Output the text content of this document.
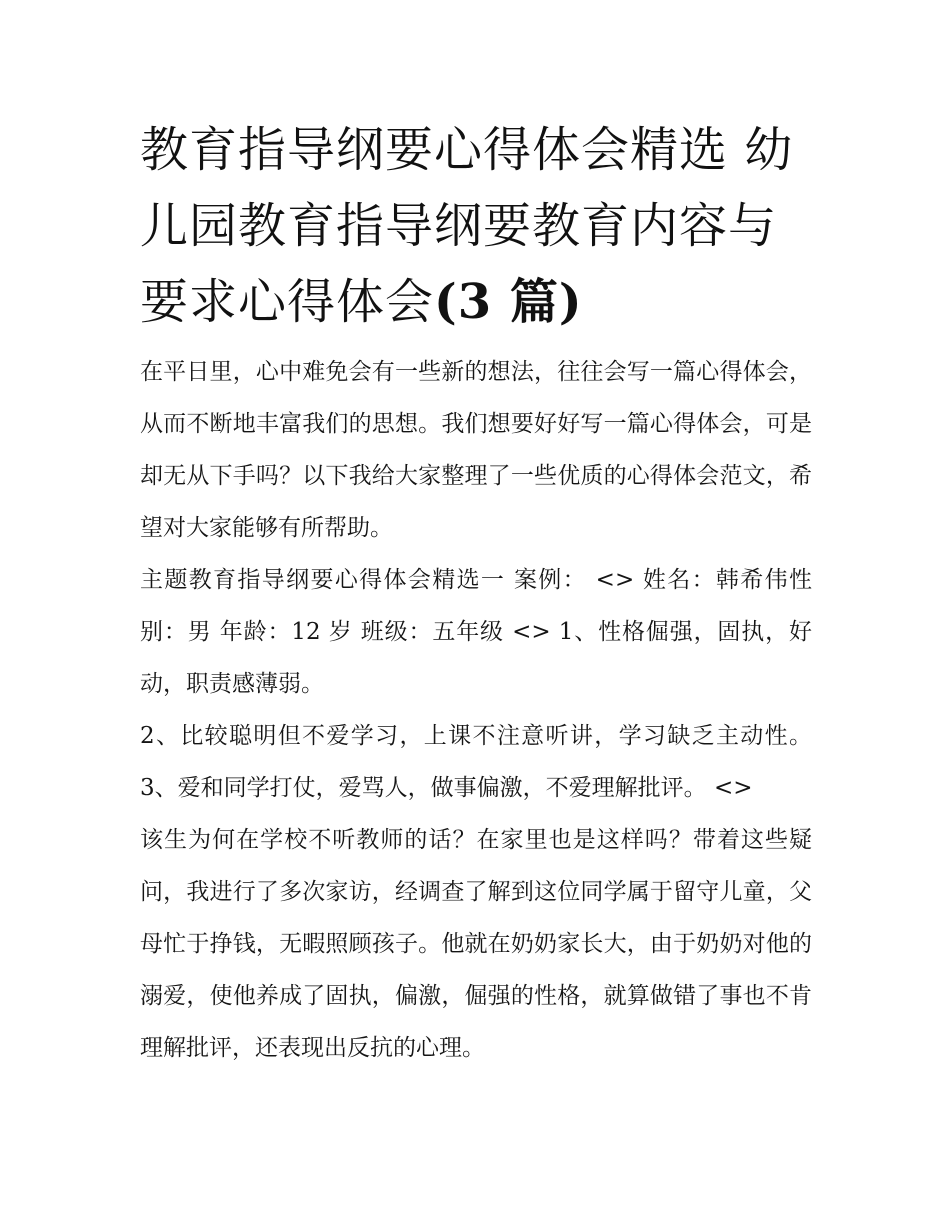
教育指导纲要心得体会精选 幼儿园教育指导纲要教育内容与要求心得体会(3 篇)

在平日里，心中难免会有一些新的想法，往往会写一篇心得体会，从而不断地丰富我们的思想。我们想要好好写一篇心得体会，可是却无从下手吗？以下我给大家整理了一些优质的心得体会范文，希望对大家能够有所帮助。

主题教育指导纲要心得体会精选一 案例： <> 姓名：韩希伟性别：男 年龄：12 岁 班级：五年级 <> 1、性格倔强，固执，好动，职责感薄弱。

2、比较聪明但不爱学习，上课不注意听讲，学习缺乏主动性。 3、爱和同学打仗，爱骂人，做事偏激，不爱理解批评。 <>

该生为何在学校不听教师的话？在家里也是这样吗？带着这些疑问，我进行了多次家访，经调查了解到这位同学属于留守儿童，父母忙于挣钱，无暇照顾孩子。他就在奶奶家长大，由于奶奶对他的溺爱，使他养成了固执，偏激，倔强的性格，就算做错了事也不肯理解批评，还表现出反抗的心理。
